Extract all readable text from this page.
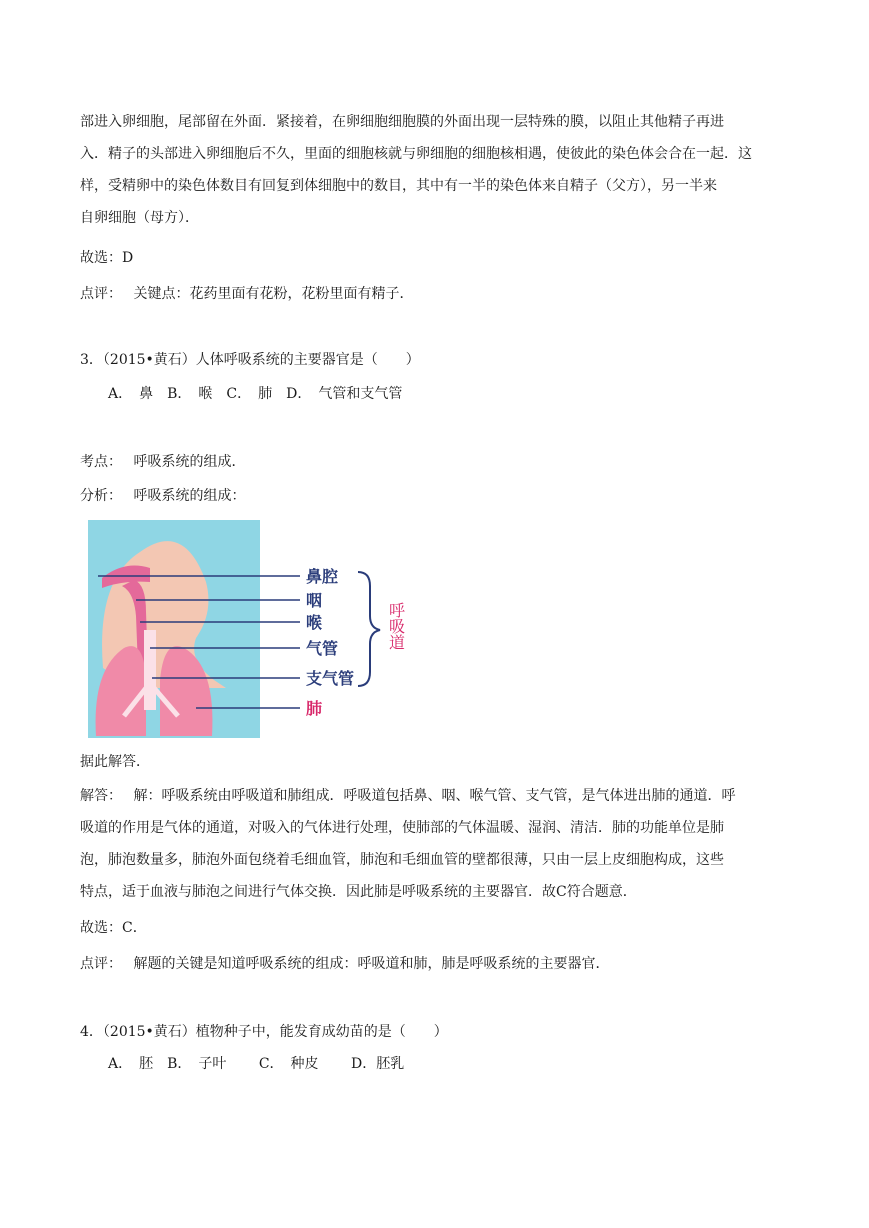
部进入卵细胞，尾部留在外面．紧接着，在卵细胞细胞膜的外面出现一层特殊的膜，以阻止其他精子再进
入．精子的头部进入卵细胞后不久，里面的细胞核就与卵细胞的细胞核相遇，使彼此的染色体会合在一起．这
样，受精卵中的染色体数目有回复到体细胞中的数目，其中有一半的染色体来自精子（父方），另一半来
自卵细胞（母方）．
故选：D
点评：　 关键点：花药里面有花粉，花粉里面有精子．
3．（2015•黄石）人体呼吸系统的主要器官是（　　）
A．　鼻　B．　喉　C．　肺　D．　气管和支气管
考点：　 呼吸系统的组成．
分析：　 呼吸系统的组成：
鼻腔
咽
喉
气管
支气管
肺
呼吸道
据此解答．
解答：　 解：呼吸系统由呼吸道和肺组成．呼吸道包括鼻、咽、喉气管、支气管，是气体进出肺的通道．呼
吸道的作用是气体的通道，对吸入的气体进行处理，使肺部的气体温暖、湿润、清洁．肺的功能单位是肺
泡，肺泡数量多，肺泡外面包绕着毛细血管，肺泡和毛细血管的壁都很薄，只由一层上皮细胞构成，这些
特点，适于血液与肺泡之间进行气体交换．因此肺是呼吸系统的主要器官．故C符合题意．
故选：C．
点评：　 解题的关键是知道呼吸系统的组成：呼吸道和肺，肺是呼吸系统的主要器官．
4．（2015•黄石）植物种子中，能发育成幼苗的是（　　）
A．　胚　B．　子叶　　 C．　种皮　　 D．胚乳
